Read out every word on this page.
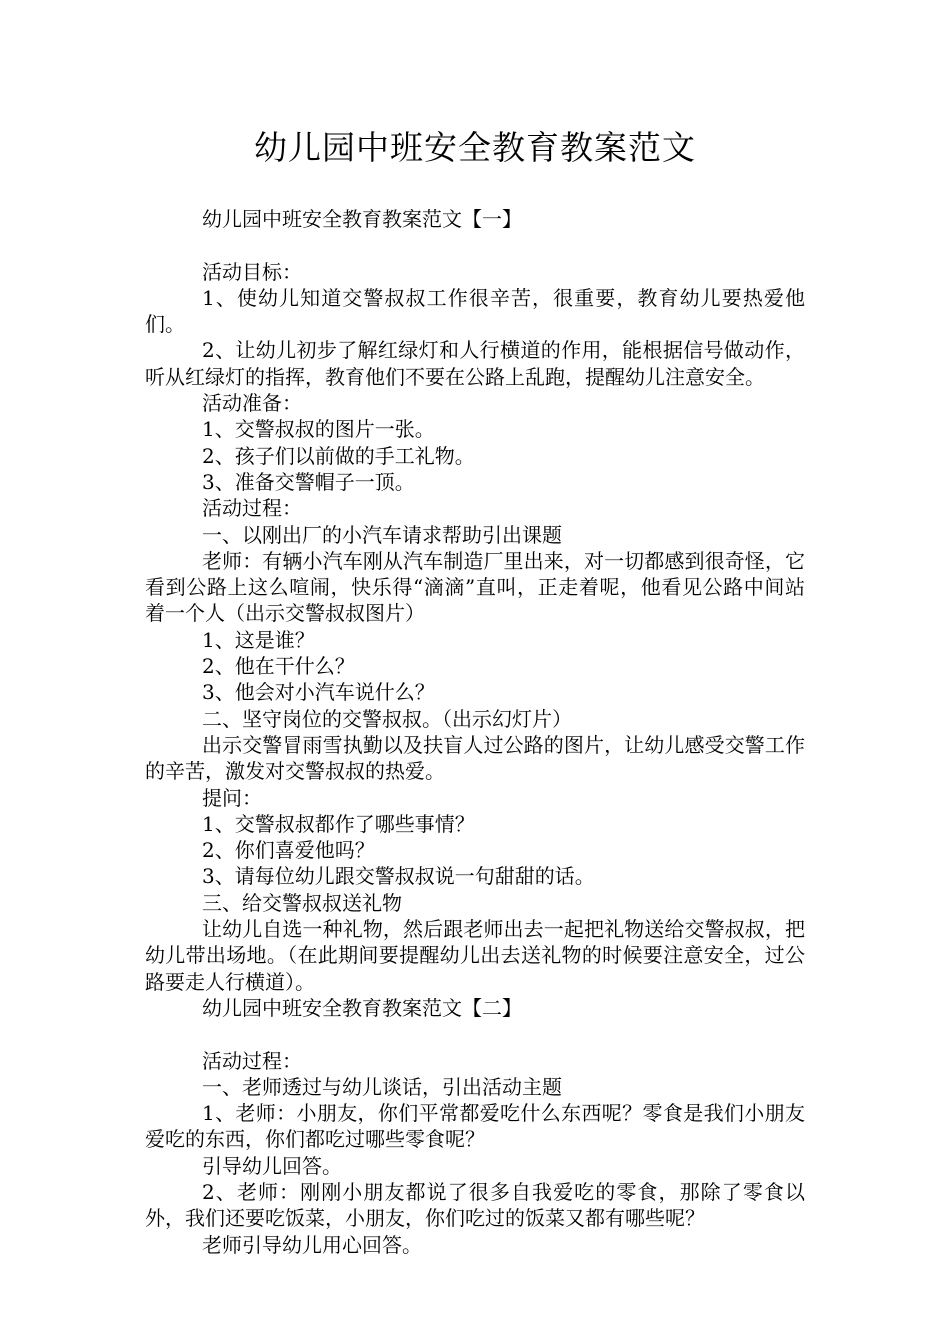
幼儿园中班安全教育教案范文

幼儿园中班安全教育教案范文【一】

活动目标：

1、使幼儿知道交警叔叔工作很辛苦，很重要，教育幼儿要热爱他们。

2、让幼儿初步了解红绿灯和人行横道的作用，能根据信号做动作，听从红绿灯的指挥，教育他们不要在公路上乱跑，提醒幼儿注意安全。

活动准备：

1、交警叔叔的图片一张。

2、孩子们以前做的手工礼物。

3、准备交警帽子一顶。

活动过程：

一、以刚出厂的小汽车请求帮助引出课题

老师：有辆小汽车刚从汽车制造厂里出来，对一切都感到很奇怪，它看到公路上这么喧闹，快乐得“滴滴”直叫，正走着呢，他看见公路中间站着一个人（出示交警叔叔图片）

1、这是谁？

2、他在干什么？

3、他会对小汽车说什么？

二、坚守岗位的交警叔叔。（出示幻灯片）

出示交警冒雨雪执勤以及扶盲人过公路的图片，让幼儿感受交警工作的辛苦，激发对交警叔叔的热爱。

提问：

1、交警叔叔都作了哪些事情？

2、你们喜爱他吗？

3、请每位幼儿跟交警叔叔说一句甜甜的话。

三、给交警叔叔送礼物

让幼儿自选一种礼物，然后跟老师出去一起把礼物送给交警叔叔，把幼儿带出场地。（在此期间要提醒幼儿出去送礼物的时候要注意安全，过公路要走人行横道）。

幼儿园中班安全教育教案范文【二】

活动过程：

一、老师透过与幼儿谈话，引出活动主题

1、老师：小朋友，你们平常都爱吃什么东西呢？零食是我们小朋友爱吃的东西，你们都吃过哪些零食呢？

引导幼儿回答。

2、老师：刚刚小朋友都说了很多自我爱吃的零食，那除了零食以外，我们还要吃饭菜，小朋友，你们吃过的饭菜又都有哪些呢？

老师引导幼儿用心回答。
